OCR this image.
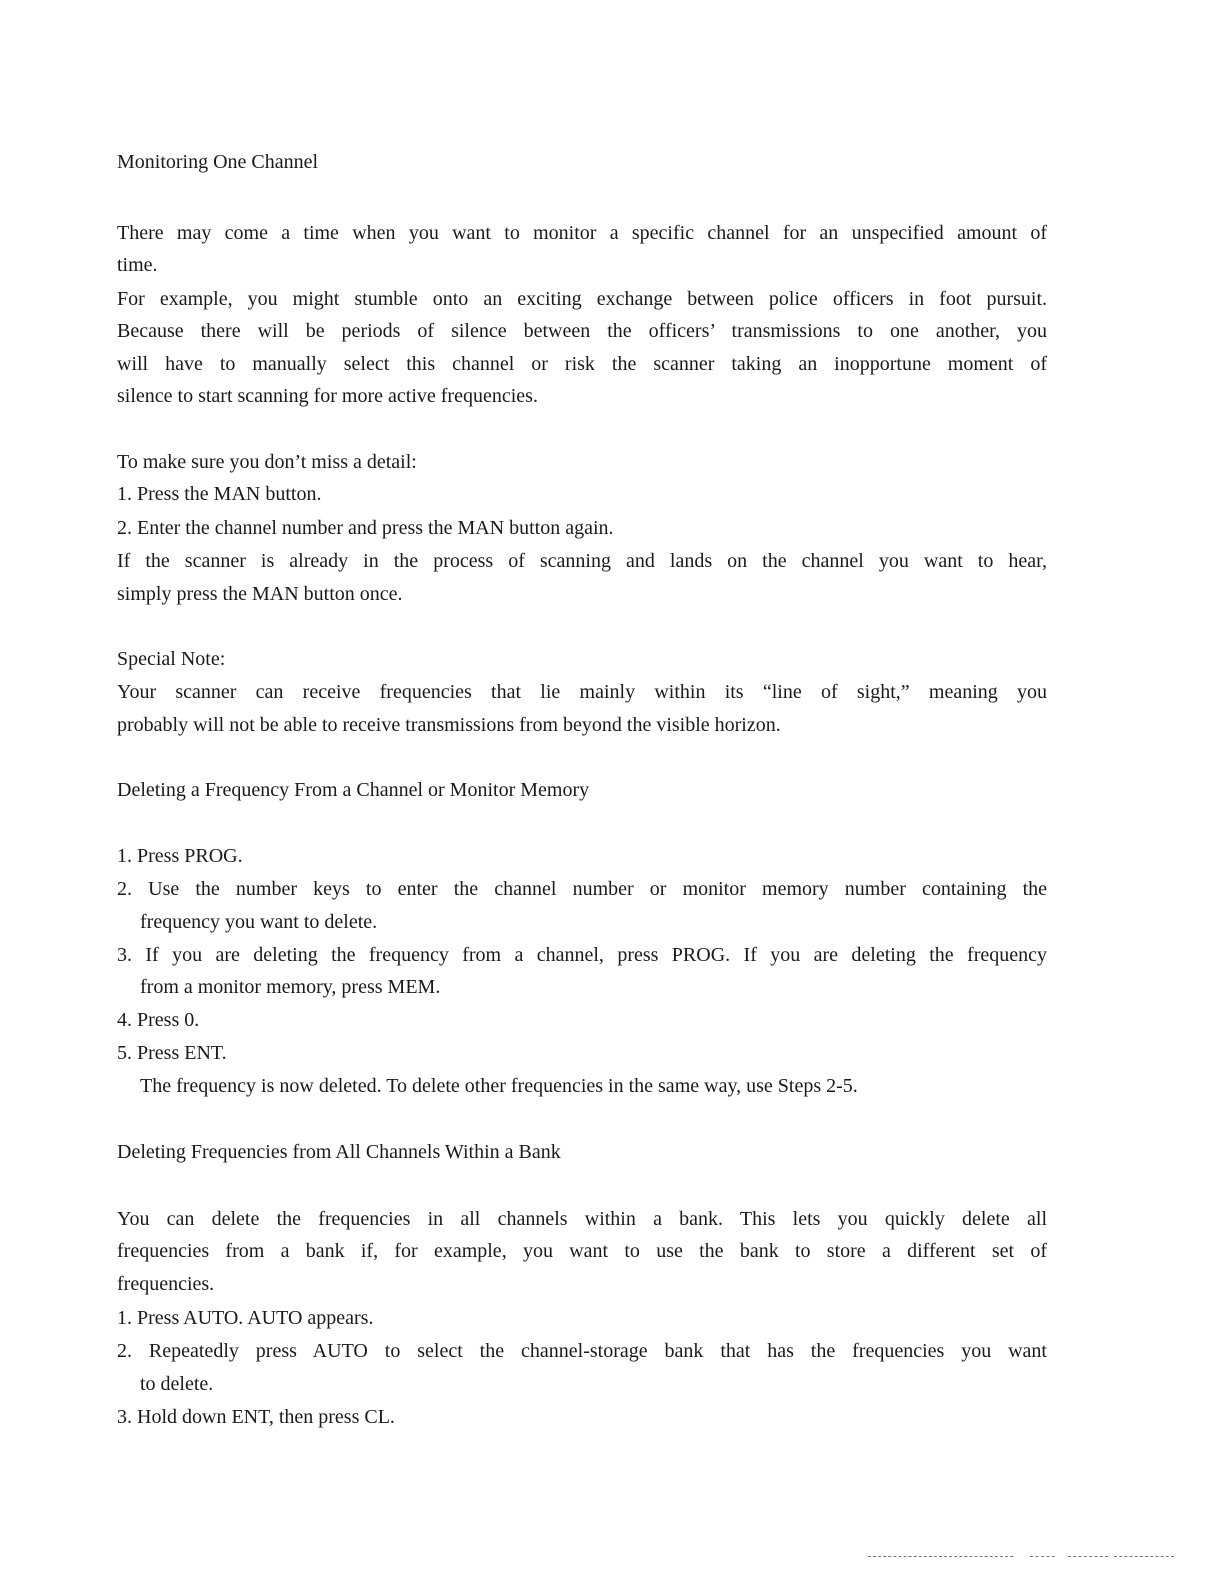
Monitoring One Channel
There may come a time when you want to monitor a specific channel for an unspecified amount of
time.
For example, you might stumble onto an exciting exchange between police officers in foot pursuit.
Because there will be periods of silence between the officers’ transmissions to one another, you
will have to manually select this channel or risk the scanner taking an inopportune moment of
silence to start scanning for more active frequencies.
To make sure you don’t miss a detail:
1. Press the MAN button.
2. Enter the channel number and press the MAN button again.
If the scanner is already in the process of scanning and lands on the channel you want to hear,
simply press the MAN button once.
Special Note:
Your scanner can receive frequencies that lie mainly within its “line of sight,” meaning you
probably will not be able to receive transmissions from beyond the visible horizon.
Deleting a Frequency From a Channel or Monitor Memory
1. Press PROG.
2. Use the number keys to enter the channel number or monitor memory number containing the
frequency you want to delete.
3. If you are deleting the frequency from a channel, press PROG. If you are deleting the frequency
from a monitor memory, press MEM.
4. Press 0.
5. Press ENT.
The frequency is now deleted. To delete other frequencies in the same way, use Steps 2-5.
Deleting Frequencies from All Channels Within a Bank
You can delete the frequencies in all channels within a bank. This lets you quickly delete all
frequencies from a bank if, for example, you want to use the bank to store a different set of
frequencies.
1. Press AUTO. AUTO appears.
2. Repeatedly press AUTO to select the channel-storage bank that has the frequencies you want
to delete.
3. Hold down ENT, then press CL.
